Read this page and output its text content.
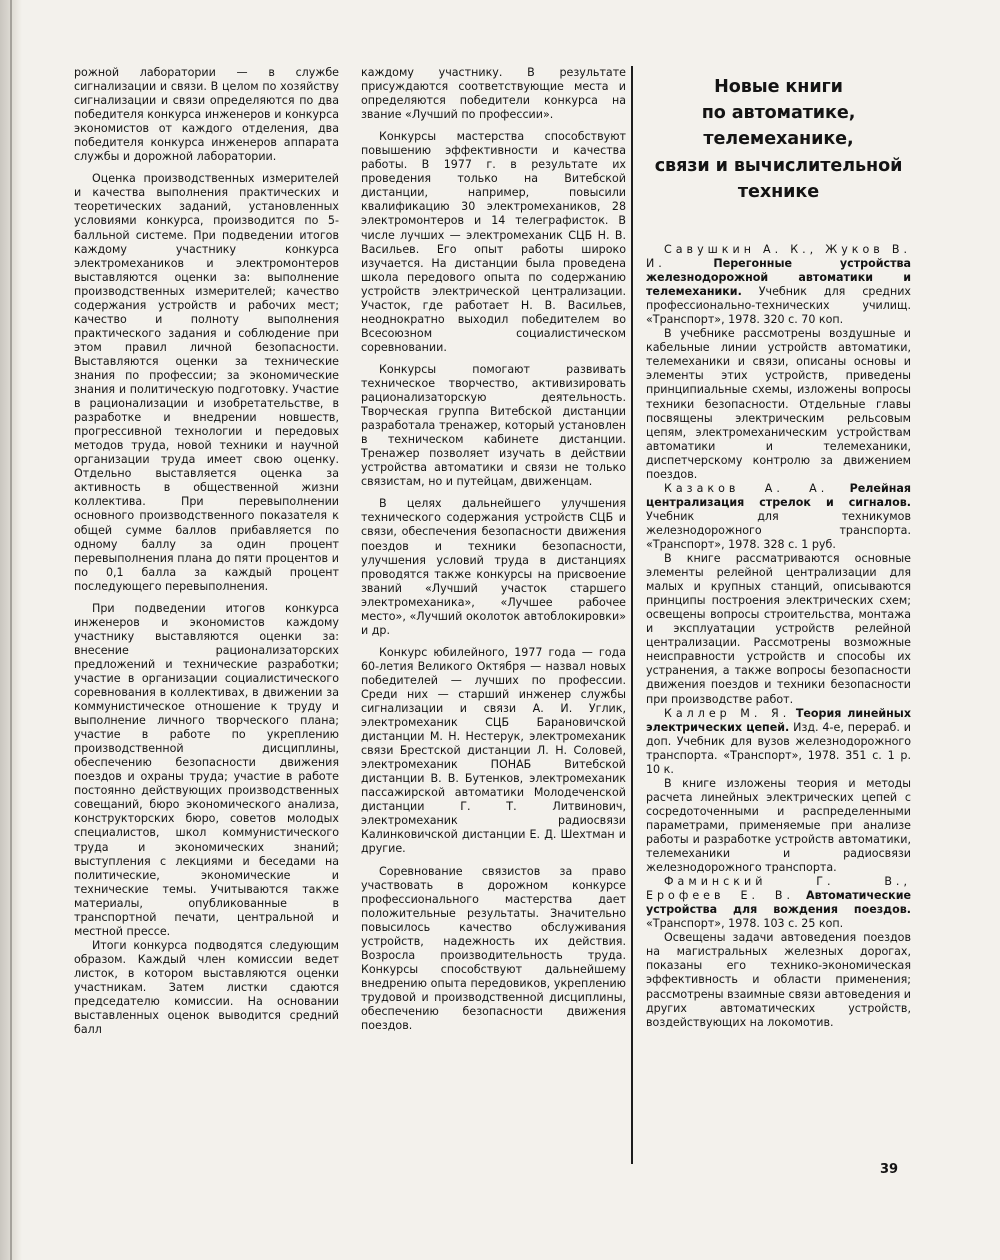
рожной лаборатории — в службе сигнализации и связи. В целом по хозяйству сигнализации и связи определяются по два победителя конкурса инженеров и конкурса экономистов от каждого отделения, два победителя конкурса инженеров аппарата службы и дорожной лаборатории.

Оценка производственных измерителей и качества выполнения практических и теоретических заданий, установленных условиями конкурса, производится по 5-балльной системе. При подведении итогов каждому участнику конкурса электромехаников и электромонтеров выставляются оценки за: выполнение производственных измерителей; качество содержания устройств и рабочих мест; качество и полноту выполнения практического задания и соблюдение при этом правил личной безопасности. Выставляются оценки за технические знания по профессии; за экономические знания и политическую подготовку. Участие в рационализации и изобретательстве, в разработке и внедрении новшеств, прогрессивной технологии и передовых методов труда, новой техники и научной организации труда имеет свою оценку. Отдельно выставляется оценка за активность в общественной жизни коллектива. При перевыполнении основного производственного показателя к общей сумме баллов прибавляется по одному баллу за один процент перевыполнения плана до пяти процентов и по 0,1 балла за каждый процент последующего перевыполнения.

При подведении итогов конкурса инженеров и экономистов каждому участнику выставляются оценки за: внесение рационализаторских предложений и технические разработки; участие в организации социалистического соревнования в коллективах, в движении за коммунистическое отношение к труду и выполнение личного творческого плана; участие в работе по укреплению производственной дисциплины, обеспечению безопасности движения поездов и охраны труда; участие в работе постоянно действующих производственных совещаний, бюро экономического анализа, конструкторских бюро, советов молодых специалистов, школ коммунистического труда и экономических знаний; выступления с лекциями и беседами на политические, экономические и технические темы. Учитываются также материалы, опубликованные в транспортной печати, центральной и местной прессе.

Итоги конкурса подводятся следующим образом. Каждый член комиссии ведет листок, в котором выставляются оценки участникам. Затем листки сдаются председателю комиссии. На основании выставленных оценок выводится средний балл

каждому участнику. В результате присуждаются соответствующие места и определяются победители конкурса на звание «Лучший по профессии».

Конкурсы мастерства способствуют повышению эффективности и качества работы. В 1977 г. в результате их проведения только на Витебской дистанции, например, повысили квалификацию 30 электромехаников, 28 электромонтеров и 14 телеграфисток. В числе лучших — электромеханик СЦБ Н. В. Васильев. Его опыт работы широко изучается. На дистанции была проведена школа передового опыта по содержанию устройств электрической централизации. Участок, где работает Н. В. Васильев, неоднократно выходил победителем во Всесоюзном социалистическом соревновании.

Конкурсы помогают развивать техническое творчество, активизировать рационализаторскую деятельность. Творческая группа Витебской дистанции разработала тренажер, который установлен в техническом кабинете дистанции. Тренажер позволяет изучать в действии устройства автоматики и связи не только связистам, но и путейцам, движенцам.

В целях дальнейшего улучшения технического содержания устройств СЦБ и связи, обеспечения безопасности движения поездов и техники безопасности, улучшения условий труда в дистанциях проводятся также конкурсы на присвоение званий «Лучший участок старшего электромеханика», «Лучшее рабочее место», «Лучший околоток автоблокировки» и др.

Конкурс юбилейного, 1977 года — года 60-летия Великого Октября — назвал новых победителей — лучших по профессии. Среди них — старший инженер службы сигнализации и связи А. И. Углик, электромеханик СЦБ Барановичской дистанции М. Н. Нестерук, электромеханик связи Брестской дистанции Л. Н. Соловей, электромеханик ПОНАБ Витебской дистанции В. В. Бутенков, электромеханик пассажирской автоматики Молодеченской дистанции Г. Т. Литвинович, электромеханик радиосвязи Калинковичской дистанции Е. Д. Шехтман и другие.

Соревнование связистов за право участвовать в дорожном конкурсе профессионального мастерства дает положительные результаты. Значительно повысилось качество обслуживания устройств, надежность их действия. Возросла производительность труда. Конкурсы способствуют дальнейшему внедрению опыта передовиков, укреплению трудовой и производственной дисциплины, обеспечению безопасности движения поездов.

Новые книги
по автоматике,
телемеханике,
связи и вычислительной
технике

Савушкин А. К., Жуков В. И.	Перегонные устройства железнодорожной автоматики и телемеханики. Учебник для средних профессионально-технических училищ. «Транспорт», 1978. 320 с. 70 коп.

В учебнике рассмотрены воздушные и кабельные линии устройств автоматики, телемеханики и связи, описаны основы и элементы этих устройств, приведены принципиальные схемы, изложены вопросы техники безопасности. Отдельные главы посвящены электрическим рельсовым цепям, электромеханическим устройствам автоматики и телемеханики, диспетчерскому контролю за движением поездов.

Казаков А. А. Релейная централизация стрелок и сигналов. Учебник для техникумов железнодорожного транспорта. «Транспорт», 1978. 328 с. 1 руб.

В книге рассматриваются основные элементы релейной централизации для малых и крупных станций, описываются принципы построения электрических схем; освещены вопросы строительства, монтажа и эксплуатации устройств релейной централизации. Рассмотрены возможные неисправности устройств и способы их устранения, а также вопросы безопасности движения поездов и техники безопасности при производстве работ.

Каллер М. Я. Теория линейных электрических цепей. Изд. 4-е, перераб. и доп. Учебник для вузов железнодорожного транспорта. «Транспорт», 1978. 351 с. 1 р. 10 к.

В книге изложены теория и методы расчета линейных электрических цепей с сосредоточенными и распределенными параметрами, применяемые при анализе работы и разработке устройств автоматики, телемеханики и радиосвязи железнодорожного транспорта.

Фаминский Г. В., Ерофеев Е. В. Автоматические устройства для вождения поездов. «Транспорт», 1978. 103 с. 25 коп.

Освещены задачи автоведения поездов на магистральных железных дорогах, показаны его технико-экономическая эффективность и области применения; рассмотрены взаимные связи автоведения и других автоматических устройств, воздействующих на локомотив.

39
